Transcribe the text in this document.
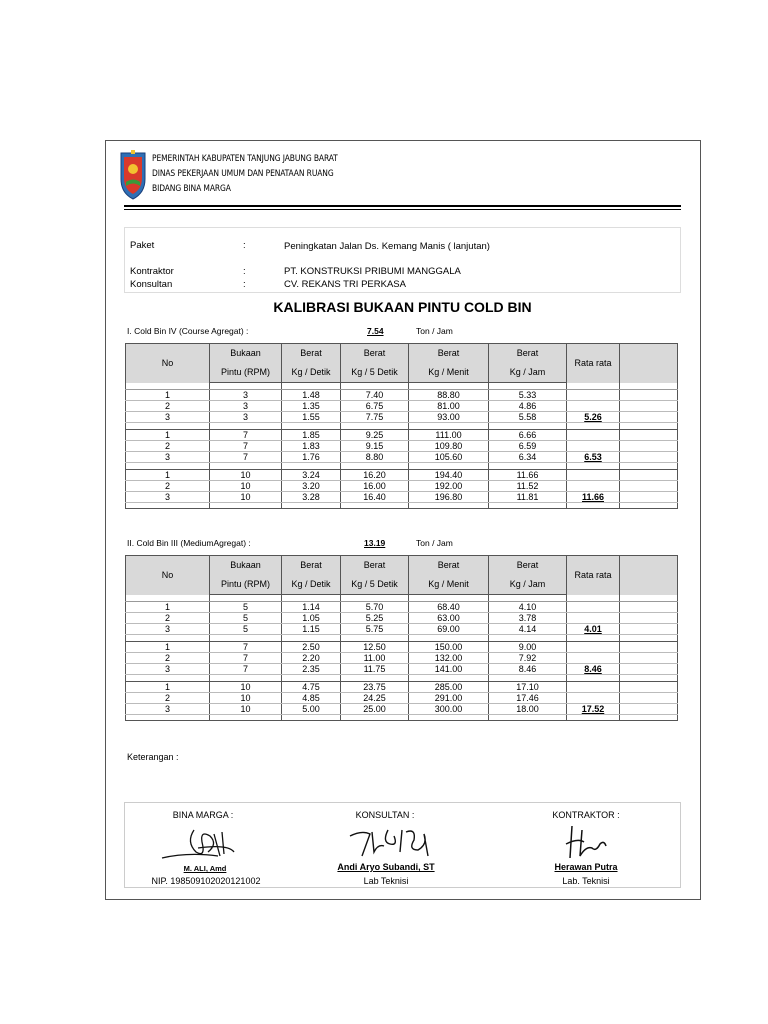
PEMERINTAH KABUPATEN TANJUNG JABUNG BARAT
DINAS PEKERJAAN UMUM DAN PENATAAN RUANG
BIDANG BINA MARGA
Paket	:	Peningkatan Jalan Ds. Kemang Manis ( lanjutan)
Kontraktor	:	PT. KONSTRUKSI PRIBUMI MANGGALA
Konsultan	:	CV. REKANS TRI PERKASA
KALIBRASI BUKAAN PINTU COLD BIN
I. Cold Bin IV (Course Agregat) :	7.54	Ton / Jam
No	Bukaan	Berat	Berat	Berat	Berat	Rata rata	
	Pintu (RPM)	Kg / Detik	Kg / 5 Detik	Kg / Menit	Kg / Jam		

1	3	1.48	7.40	88.80	5.33		
2	3	1.35	6.75	81.00	4.86		
3	3	1.55	7.75	93.00	5.58	5.26	

1	7	1.85	9.25	111.00	6.66		
2	7	1.83	9.15	109.80	6.59		
3	7	1.76	8.80	105.60	6.34	6.53	

1	10	3.24	16.20	194.40	11.66		
2	10	3.20	16.00	192.00	11.52		
3	10	3.28	16.40	196.80	11.81	11.66	

II. Cold Bin III (MediumAgregat) :	13.19	Ton / Jam
No	Bukaan	Berat	Berat	Berat	Berat	Rata rata	
	Pintu (RPM)	Kg / Detik	Kg / 5 Detik	Kg / Menit	Kg / Jam		

1	5	1.14	5.70	68.40	4.10		
2	5	1.05	5.25	63.00	3.78		
3	5	1.15	5.75	69.00	4.14	4.01	

1	7	2.50	12.50	150.00	9.00		
2	7	2.20	11.00	132.00	7.92		
3	7	2.35	11.75	141.00	8.46	8.46	

1	10	4.75	23.75	285.00	17.10		
2	10	4.85	24.25	291.00	17.46		
3	10	5.00	25.00	300.00	18.00	17.52	

Keterangan :
BINA MARGA :
M. ALI, Amd
NIP. 198509102020121002
KONSULTAN :
Andi Aryo Subandi, ST
Lab Teknisi
KONTRAKTOR :
Herawan Putra
Lab. Teknisi
